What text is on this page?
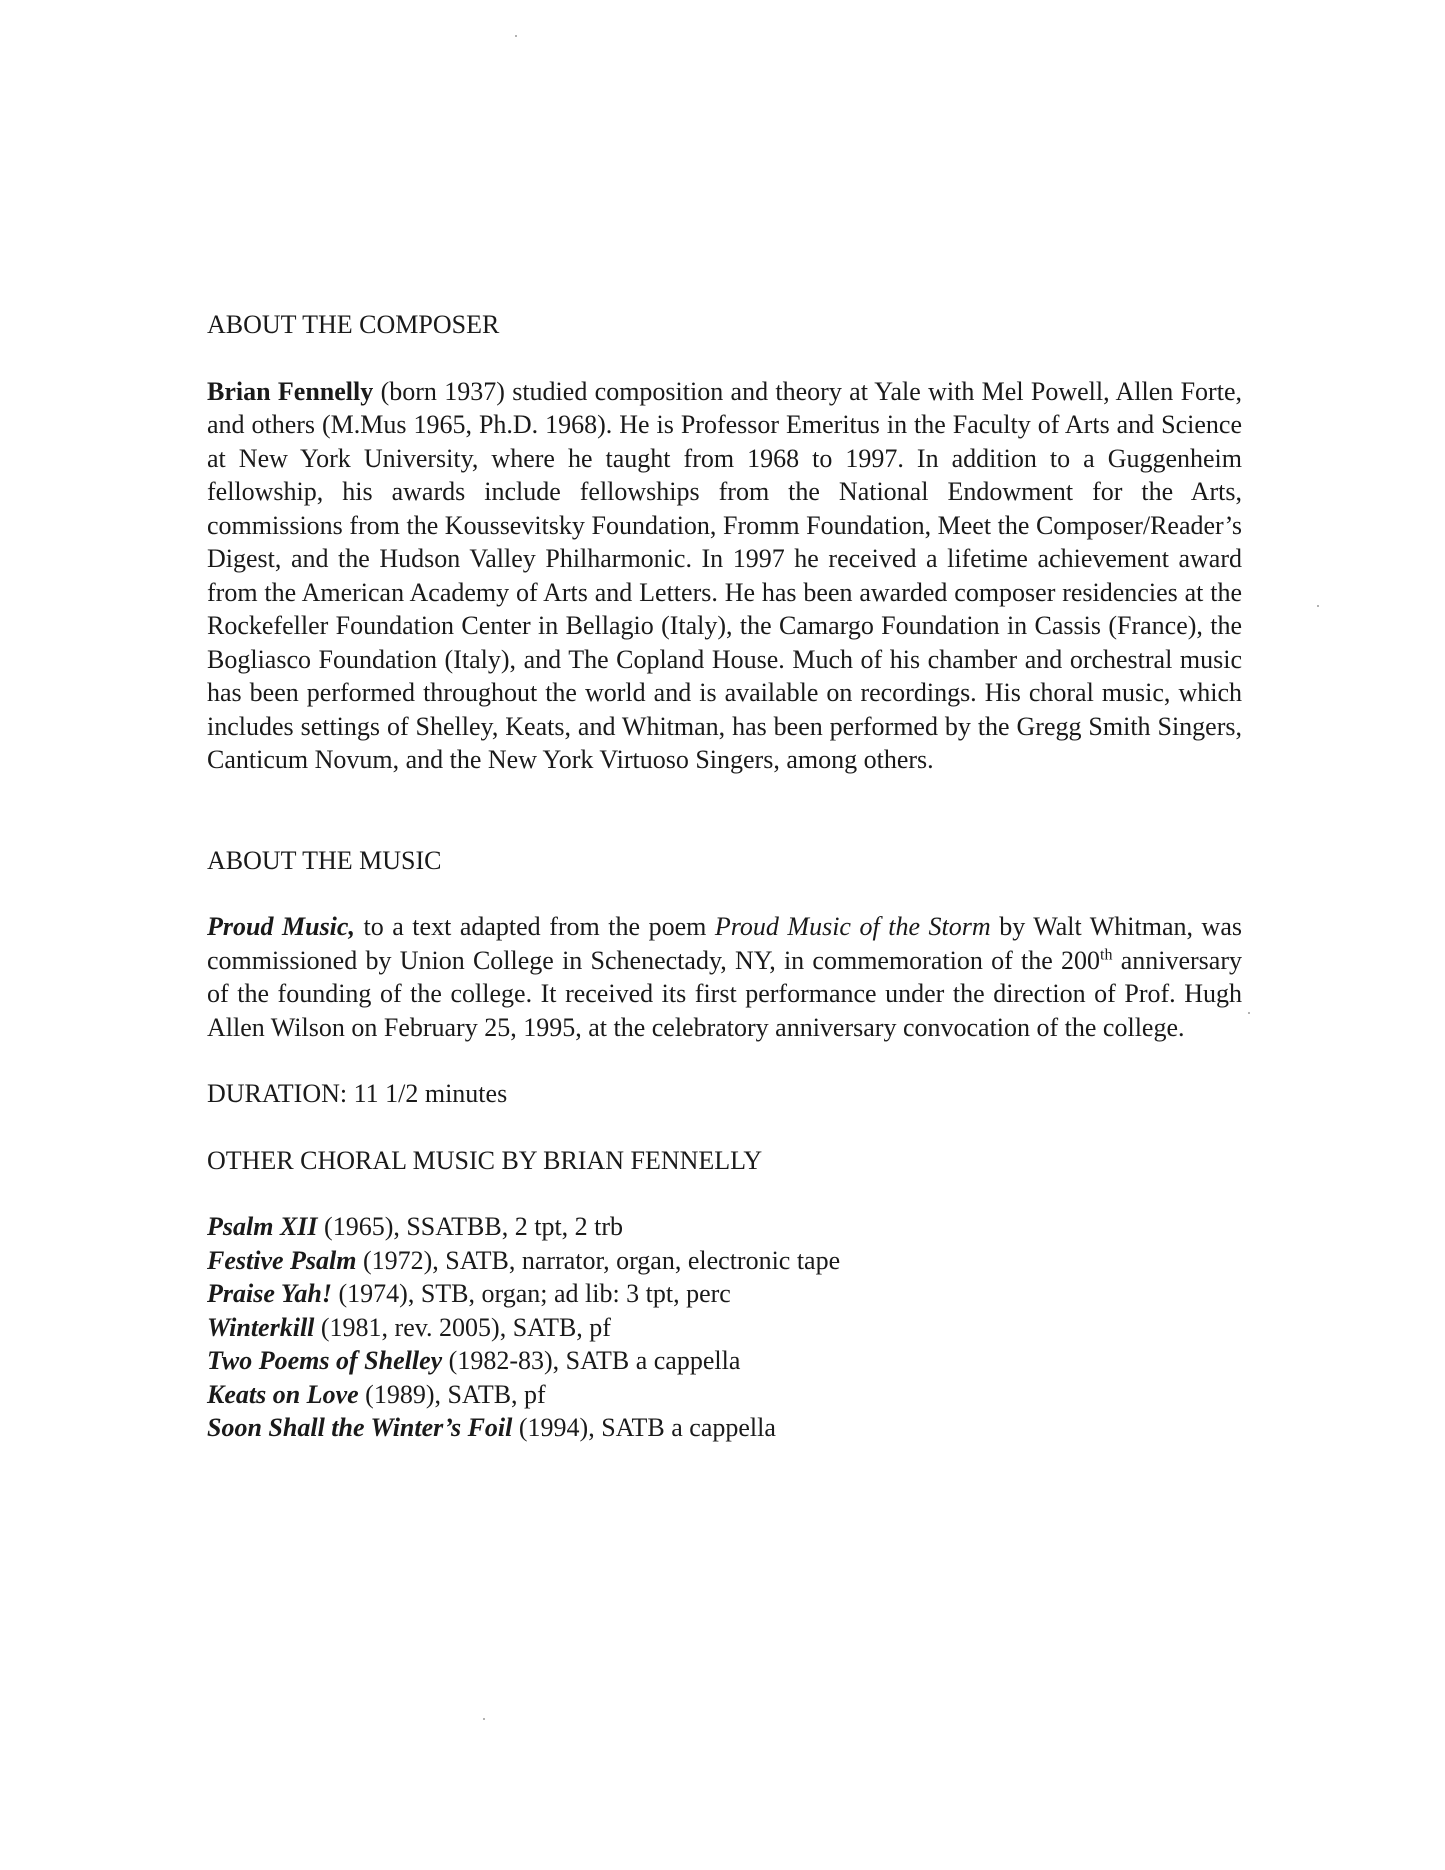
ABOUT THE COMPOSER

Brian Fennelly (born 1937) studied composition and theory at Yale with Mel Powell, Allen Forte, and others (M.Mus 1965, Ph.D. 1968). He is Professor Emeritus in the Faculty of Arts and Science at New York University, where he taught from 1968 to 1997. In addition to a Guggenheim fellowship, his awards include fellowships from the National Endowment for the Arts, commissions from the Koussevitsky Foundation, Fromm Foundation, Meet the Composer/Reader’s Digest, and the Hudson Valley Philharmonic. In 1997 he received a lifetime achievement award from the American Academy of Arts and Letters. He has been awarded composer residencies at the Rockefeller Foundation Center in Bellagio (Italy), the Camargo Foundation in Cassis (France), the Bogliasco Foundation (Italy), and The Copland House. Much of his chamber and orchestral music has been performed throughout the world and is available on recordings. His choral music, which includes settings of Shelley, Keats, and Whitman, has been performed by the Gregg Smith Singers, Canticum Novum, and the New York Virtuoso Singers, among others.

ABOUT THE MUSIC

Proud Music, to a text adapted from the poem Proud Music of the Storm by Walt Whitman, was commissioned by Union College in Schenectady, NY, in commemoration of the 200th anniversary of the founding of the college. It received its first performance under the direction of Prof. Hugh Allen Wilson on February 25, 1995, at the celebratory anniversary convocation of the college.

DURATION: 11 1/2 minutes

OTHER CHORAL MUSIC BY BRIAN FENNELLY
Psalm XII (1965), SSATBB, 2 tpt, 2 trb
Festive Psalm (1972), SATB, narrator, organ, electronic tape
Praise Yah! (1974), STB, organ; ad lib: 3 tpt, perc
Winterkill (1981, rev. 2005), SATB, pf
Two Poems of Shelley (1982-83), SATB a cappella
Keats on Love (1989), SATB, pf
Soon Shall the Winter’s Foil (1994), SATB a cappella
